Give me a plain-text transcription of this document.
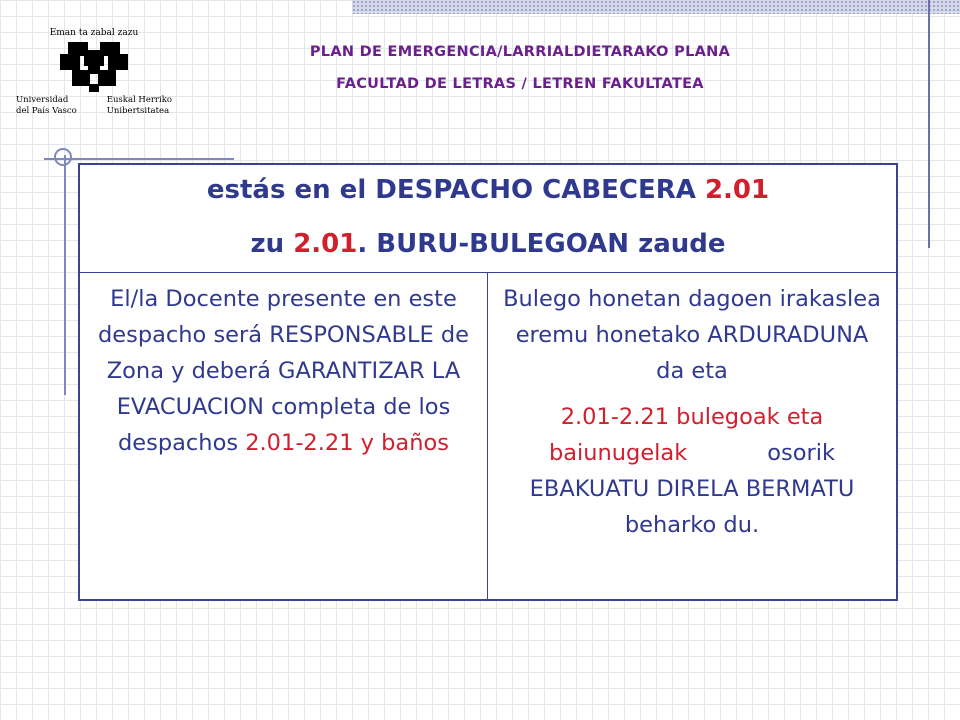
Eman ta zabal zazu
Universidad
del País Vasco
Euskal Herriko
Unibertsitatea
PLAN DE EMERGENCIA/LARRIALDIETARAKO PLANA
FACULTAD DE LETRAS / LETREN FAKULTATEA
estás en el DESPACHO CABECERA 2.01
zu 2.01. BURU-BULEGOAN zaude
El/la Docente presente en este despacho será RESPONSABLE de Zona y deberá GARANTIZAR LA EVACUACION completa de los despachos 2.01-2.21 y baños
Bulego honetan dagoen irakaslea eremu honetako ARDURADUNA da eta
2.01-2.21 bulegoak eta baiunugelak	osorik EBAKUATU DIRELA BERMATU beharko du.
